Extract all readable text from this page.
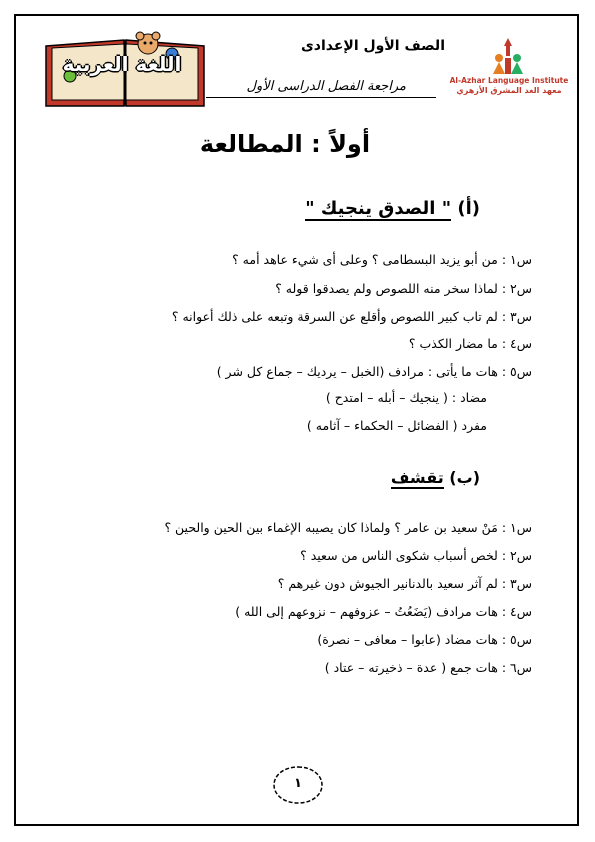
اللغة العربية
الصف الأول الإعدادى
مراجعة الفصل الدراسى الأول	Al-Azhar Language Institute
معهد الغد المشرق الأزهري
أولاً : المطالعة
(أ) " الصدق ينجيك "
س١ : من أبو يزيد البسطامى ؟ وعلى أى شيء عاهد أمه ؟
س٢ : لماذا سخر منه اللصوص ولم يصدقوا قوله ؟
س٣ : لم تاب كبير اللصوص وأقلع عن السرقة وتبعه على ذلك أعوانه ؟
س٤ : ما مضار الكذب ؟
س٥ : هات ما يأتى : مرادف (الخبل – يرديك – جماع كل شر )
مضاد : ( ينجيك – أبله – امتدح )
مفرد ( الفضائل – الحكماء – آثامه )
(ب) تقشف
س١ : مَنْ سعيد بن عامر ؟ ولماذا كان يصيبه الإغماء بين الحين والحين ؟
س٢ : لخص أسباب شكوى الناس من سعيد ؟
س٣ : لم آثر سعيد بالدنانير الجيوش دون غيرهم ؟
س٤ : هات مرادف (يَضَعُتُ – عزوفهم – نزوعهم إلى الله )
س٥ : هات مضاد (عابوا – معافى – نصرة)
س٦ : هات جمع ( عدة – ذخيرته – عتاد )
١
